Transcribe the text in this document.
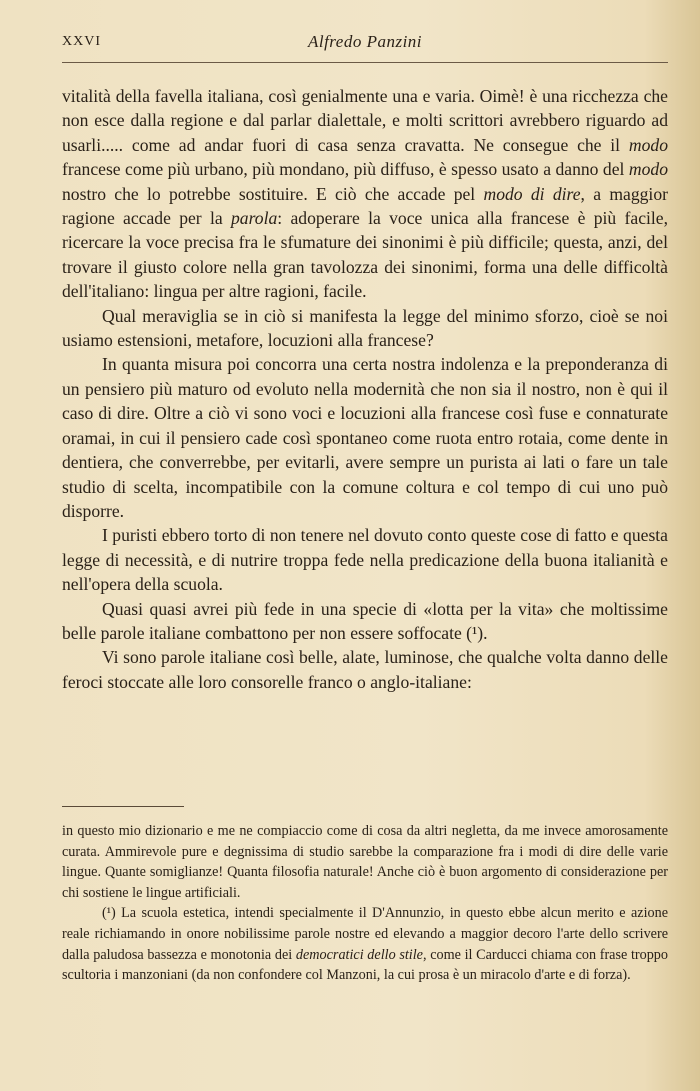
XXVI	Alfredo Panzini

vitalità della favella italiana, così genialmente una e varia. Oimè! è una ricchezza che non esce dalla regione e dal parlar dialettale, e molti scrittori avrebbero riguardo ad usarli..... come ad andar fuori di casa senza cravatta. Ne consegue che il modo francese come più urbano, più mondano, più diffuso, è spesso usato a danno del modo nostro che lo potrebbe sostituire. E ciò che accade pel modo di dire, a maggior ragione accade per la parola: adoperare la voce unica alla francese è più facile, ricercare la voce precisa fra le sfumature dei sinonimi è più difficile; questa, anzi, del trovare il giusto colore nella gran tavolozza dei sinonimi, forma una delle difficoltà dell'italiano: lingua per altre ragioni, facile.

Qual meraviglia se in ciò si manifesta la legge del minimo sforzo, cioè se noi usiamo estensioni, metafore, locuzioni alla francese?

In quanta misura poi concorra una certa nostra indolenza e la preponderanza di un pensiero più maturo od evoluto nella modernità che non sia il nostro, non è qui il caso di dire. Oltre a ciò vi sono voci e locuzioni alla francese così fuse e connaturate oramai, in cui il pensiero cade così spontaneo come ruota entro rotaia, come dente in dentiera, che converrebbe, per evitarli, avere sempre un purista ai lati o fare un tale studio di scelta, incompatibile con la comune coltura e col tempo di cui uno può disporre.

I puristi ebbero torto di non tenere nel dovuto conto queste cose di fatto e questa legge di necessità, e di nutrire troppa fede nella predicazione della buona italianità e nell'opera della scuola.

Quasi quasi avrei più fede in una specie di «lotta per la vita» che moltissime belle parole italiane combattono per non essere soffocate (¹).

Vi sono parole italiane così belle, alate, luminose, che qualche volta danno delle feroci stoccate alle loro consorelle franco o anglo-italiane:

in questo mio dizionario e me ne compiaccio come di cosa da altri negletta, da me invece amorosamente curata. Ammirevole pure e degnissima di studio sarebbe la comparazione fra i modi di dire delle varie lingue. Quante somiglianze! Quanta filosofia naturale! Anche ciò è buon argomento di considerazione per chi sostiene le lingue artificiali.

(¹) La scuola estetica, intendi specialmente il D'Annunzio, in questo ebbe alcun merito e azione reale richiamando in onore nobilissime parole nostre ed elevando a maggior decoro l'arte dello scrivere dalla paludosa bassezza e monotonia dei democratici dello stile, come il Carducci chiama con frase troppo scultoria i manzoniani (da non confondere col Manzoni, la cui prosa è un miracolo d'arte e di forza).
